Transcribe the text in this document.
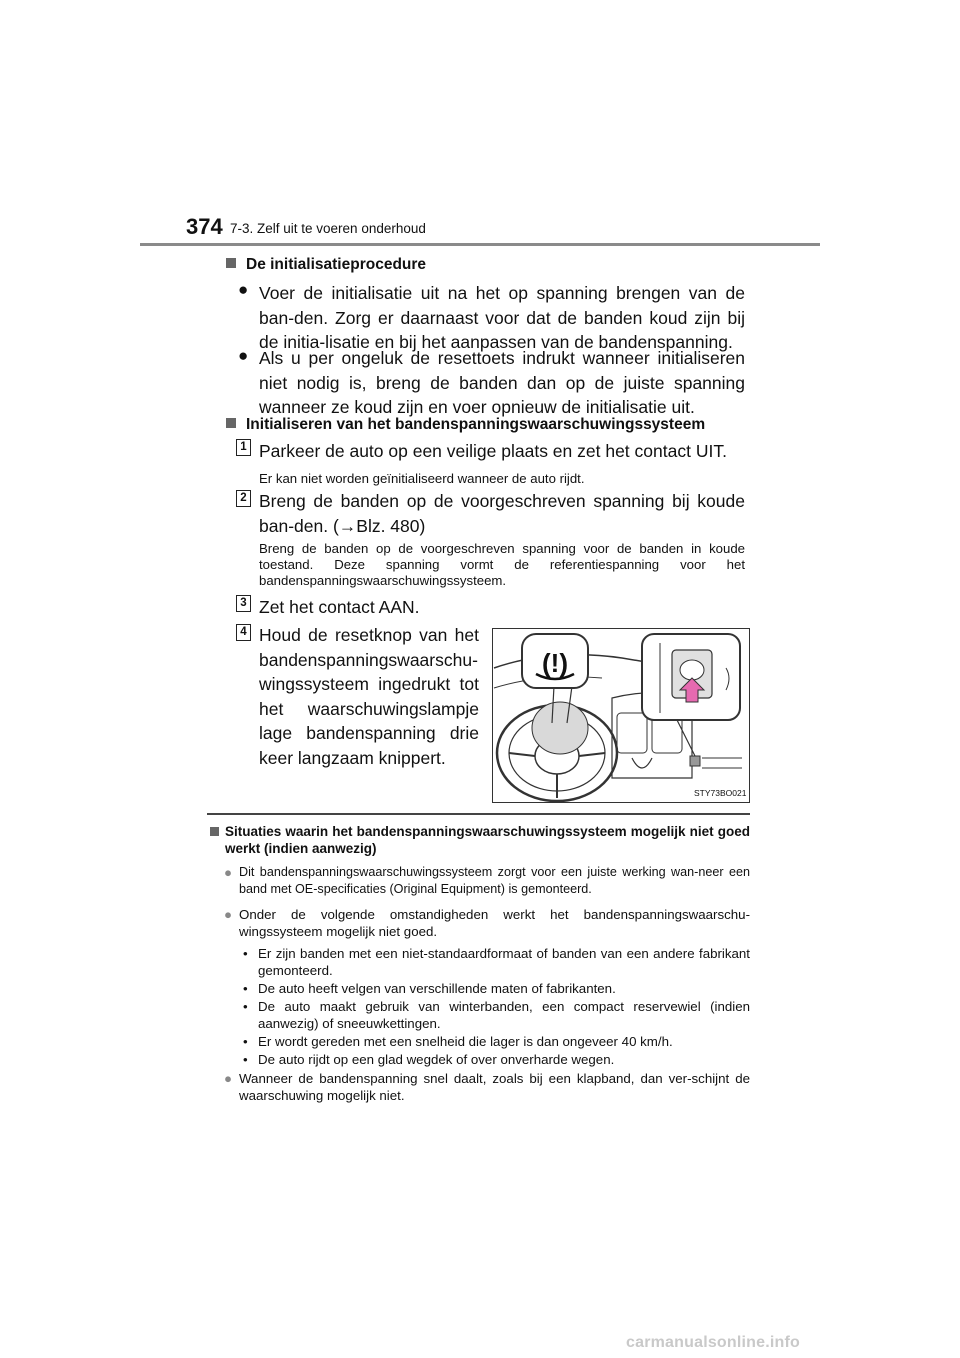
374 7-3. Zelf uit te voeren onderhoud
De initialisatieprocedure
● Voer de initialisatie uit na het op spanning brengen van de ban-den. Zorg er daarnaast voor dat de banden koud zijn bij de initia-lisatie en bij het aanpassen van de bandenspanning.
● Als u per ongeluk de resettoets indrukt wanneer initialiseren niet nodig is, breng de banden dan op de juiste spanning wanneer ze koud zijn en voer opnieuw de initialisatie uit.
Initialiseren van het bandenspanningswaarschuwingssysteem
1 Parkeer de auto op een veilige plaats en zet het contact UIT.
Er kan niet worden geïnitialiseerd wanneer de auto rijdt.
2 Breng de banden op de voorgeschreven spanning bij koude ban-den. (→Blz. 480)
Breng de banden op de voorgeschreven spanning voor de banden in koude toestand. Deze spanning vormt de referentiespanning voor het bandenspanningswaarschuwingssysteem.
3 Zet het contact AAN.
4 Houd de resetknop van het bandenspanningswaarschu-wingssysteem ingedrukt tot het waarschuwingslampje lage bandenspanning drie keer langzaam knippert.
(!)
STY73BO021
Situaties waarin het bandenspanningswaarschuwingssysteem mogelijk niet goed werkt (indien aanwezig)
● Dit bandenspanningswaarschuwingssysteem zorgt voor een juiste werking wan-neer een band met OE-specificaties (Original Equipment) is gemonteerd.
● Onder de volgende omstandigheden werkt het bandenspanningswaarschu-wingssysteem mogelijk niet goed.
• Er zijn banden met een niet-standaardformaat of banden van een andere fabrikant gemonteerd.
• De auto heeft velgen van verschillende maten of fabrikanten.
• De auto maakt gebruik van winterbanden, een compact reservewiel (indien aanwezig) of sneeuwkettingen.
• Er wordt gereden met een snelheid die lager is dan ongeveer 40 km/h.
• De auto rijdt op een glad wegdek of over onverharde wegen.
● Wanneer de bandenspanning snel daalt, zoals bij een klapband, dan ver-schijnt de waarschuwing mogelijk niet.
carmanualsonline.info
